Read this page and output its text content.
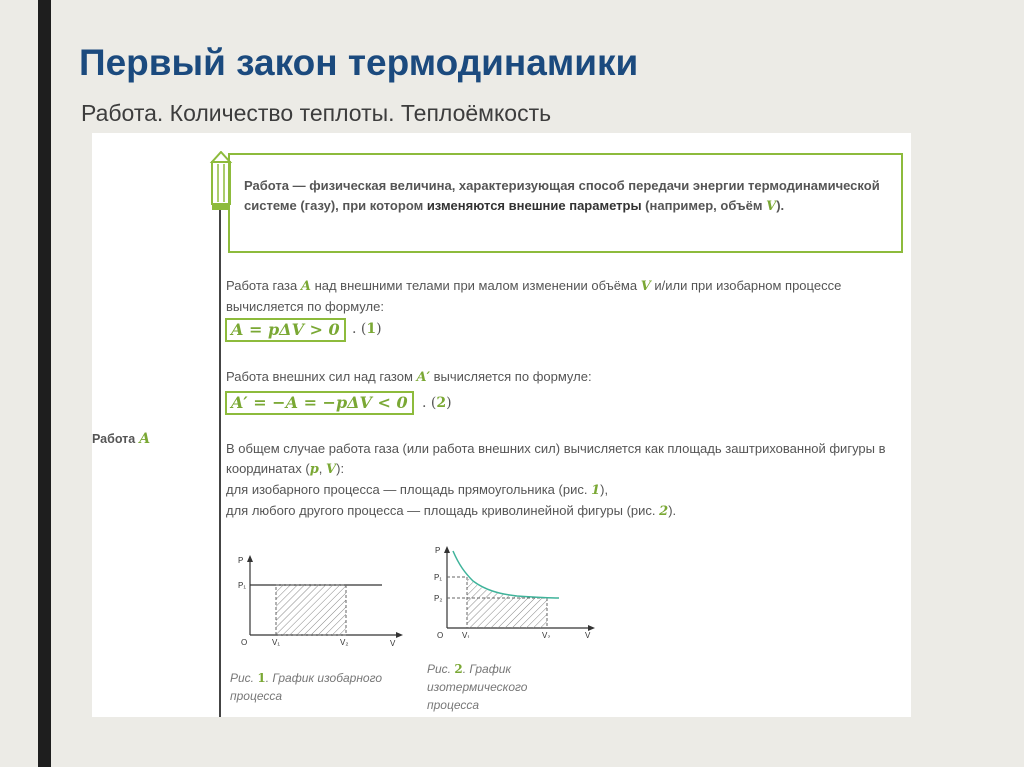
Первый закон термодинамики
Работа. Количество теплоты. Теплоёмкость
Работа A

Работа — физическая величина, характеризующая способ передачи энергии термодинамической системе (газу), при котором изменяются внешние параметры (например, объём V).

Работа газа A над внешними телами при малом изменении объёма V и/или при изобарном процессе вычисляется по формуле:
A = pΔV > 0 . (1)
Работа внешних сил над газом A′ вычисляется по формуле:
A′ = −A = −pΔV < 0	. (2)
В общем случае работа газа (или работа внешних сил) вычисляется как площадь заштрихованной фигуры в координатах (p, V):
для изобарного процесса — площадь прямоугольника (рис. 1),
для любого другого процесса — площадь криволинейной фигуры (рис. 2).
P
P₁
O	V₁	V₂	V
Рис. 1. График изобарного процесса
P
P₁
P₂
O V₁	V₂	V
Рис. 2. График изотермического процесса
